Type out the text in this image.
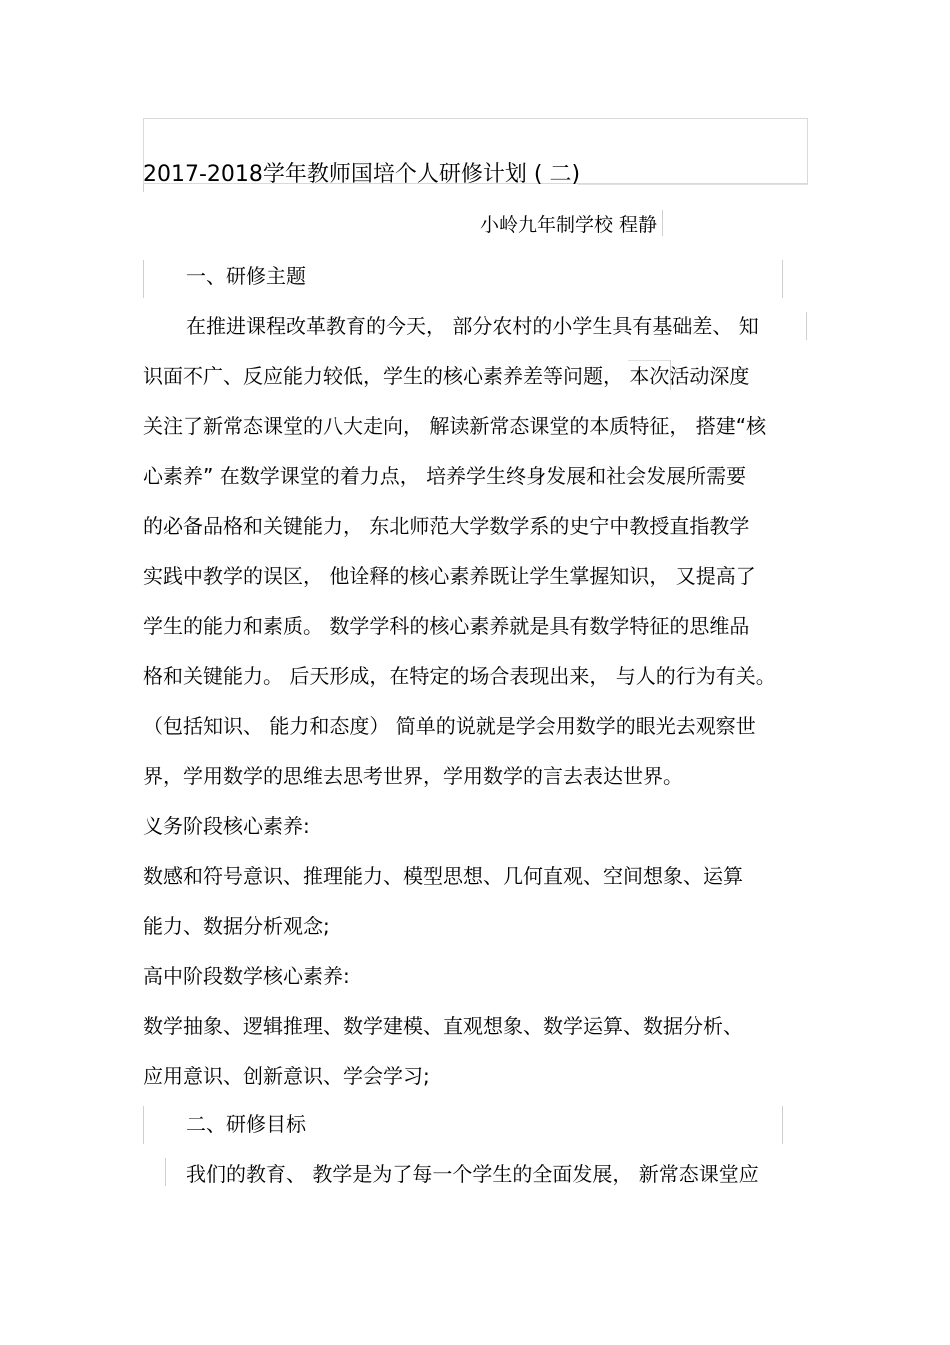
2017-2018学年教师国培个人研修计划 ( 二)
小岭九年制学校 程静
一、研修主题
在推进课程改革教育的今天， 部分农村的小学生具有基础差、 知
识面不广、反应能力较低，学生的核心素养差等问题， 本次活动深度
关注了新常态课堂的八大走向， 解读新常态课堂的本质特征， 搭建“核
心素养” 在数学课堂的着力点， 培养学生终身发展和社会发展所需要
的必备品格和关键能力， 东北师范大学数学系的史宁中教授直指教学
实践中教学的误区， 他诠释的核心素养既让学生掌握知识， 又提高了
学生的能力和素质。 数学学科的核心素养就是具有数学特征的思维品
格和关键能力。 后天形成，在特定的场合表现出来， 与人的行为有关。
（包括知识、 能力和态度） 简单的说就是学会用数学的眼光去观察世
界，学用数学的思维去思考世界，学用数学的言去表达世界。
义务阶段核心素养:
数感和符号意识、推理能力、模型思想、几何直观、空间想象、运算
能力、数据分析观念;
高中阶段数学核心素养:
数学抽象、逻辑推理、数学建模、直观想象、数学运算、数据分析、
应用意识、创新意识、学会学习;
二、研修目标
我们的教育、 教学是为了每一个学生的全面发展， 新常态课堂应
